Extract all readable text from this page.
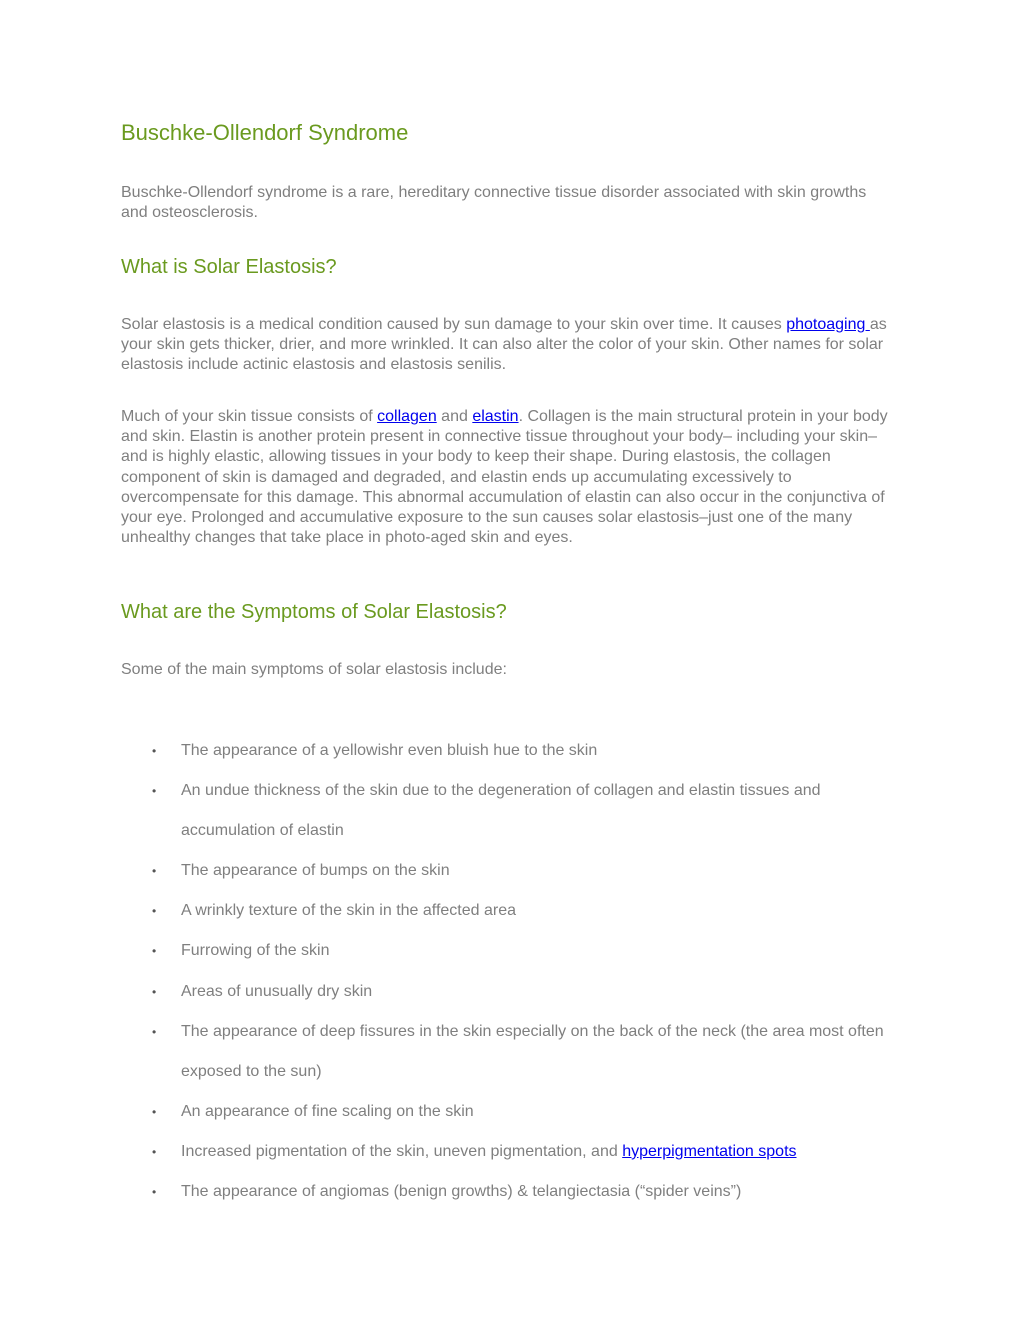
Buschke-Ollendorf Syndrome

Buschke-Ollendorf syndrome is a rare, hereditary connective tissue disorder associated with skin growths and osteosclerosis.

What is Solar Elastosis?

Solar elastosis is a medical condition caused by sun damage to your skin over time. It causes photoaging as your skin gets thicker, drier, and more wrinkled. It can also alter the color of your skin. Other names for solar elastosis include actinic elastosis and elastosis senilis.

Much of your skin tissue consists of collagen and elastin. Collagen is the main structural protein in your body and skin. Elastin is another protein present in connective tissue throughout your body– including your skin–and is highly elastic, allowing tissues in your body to keep their shape. During elastosis, the collagen component of skin is damaged and degraded, and elastin ends up accumulating excessively to overcompensate for this damage. This abnormal accumulation of elastin can also occur in the conjunctiva of your eye. Prolonged and accumulative exposure to the sun causes solar elastosis–just one of the many unhealthy changes that take place in photo-aged skin and eyes.

What are the Symptoms of Solar Elastosis?

Some of the main symptoms of solar elastosis include:

• The appearance of a yellowishr even bluish hue to the skin
• An undue thickness of the skin due to the degeneration of collagen and elastin tissues and accumulation of elastin
• The appearance of bumps on the skin
• A wrinkly texture of the skin in the affected area
• Furrowing of the skin
• Areas of unusually dry skin
• The appearance of deep fissures in the skin especially on the back of the neck (the area most often exposed to the sun)
• An appearance of fine scaling on the skin
• Increased pigmentation of the skin, uneven pigmentation, and hyperpigmentation spots
• The appearance of angiomas (benign growths) & telangiectasia (“spider veins”)
